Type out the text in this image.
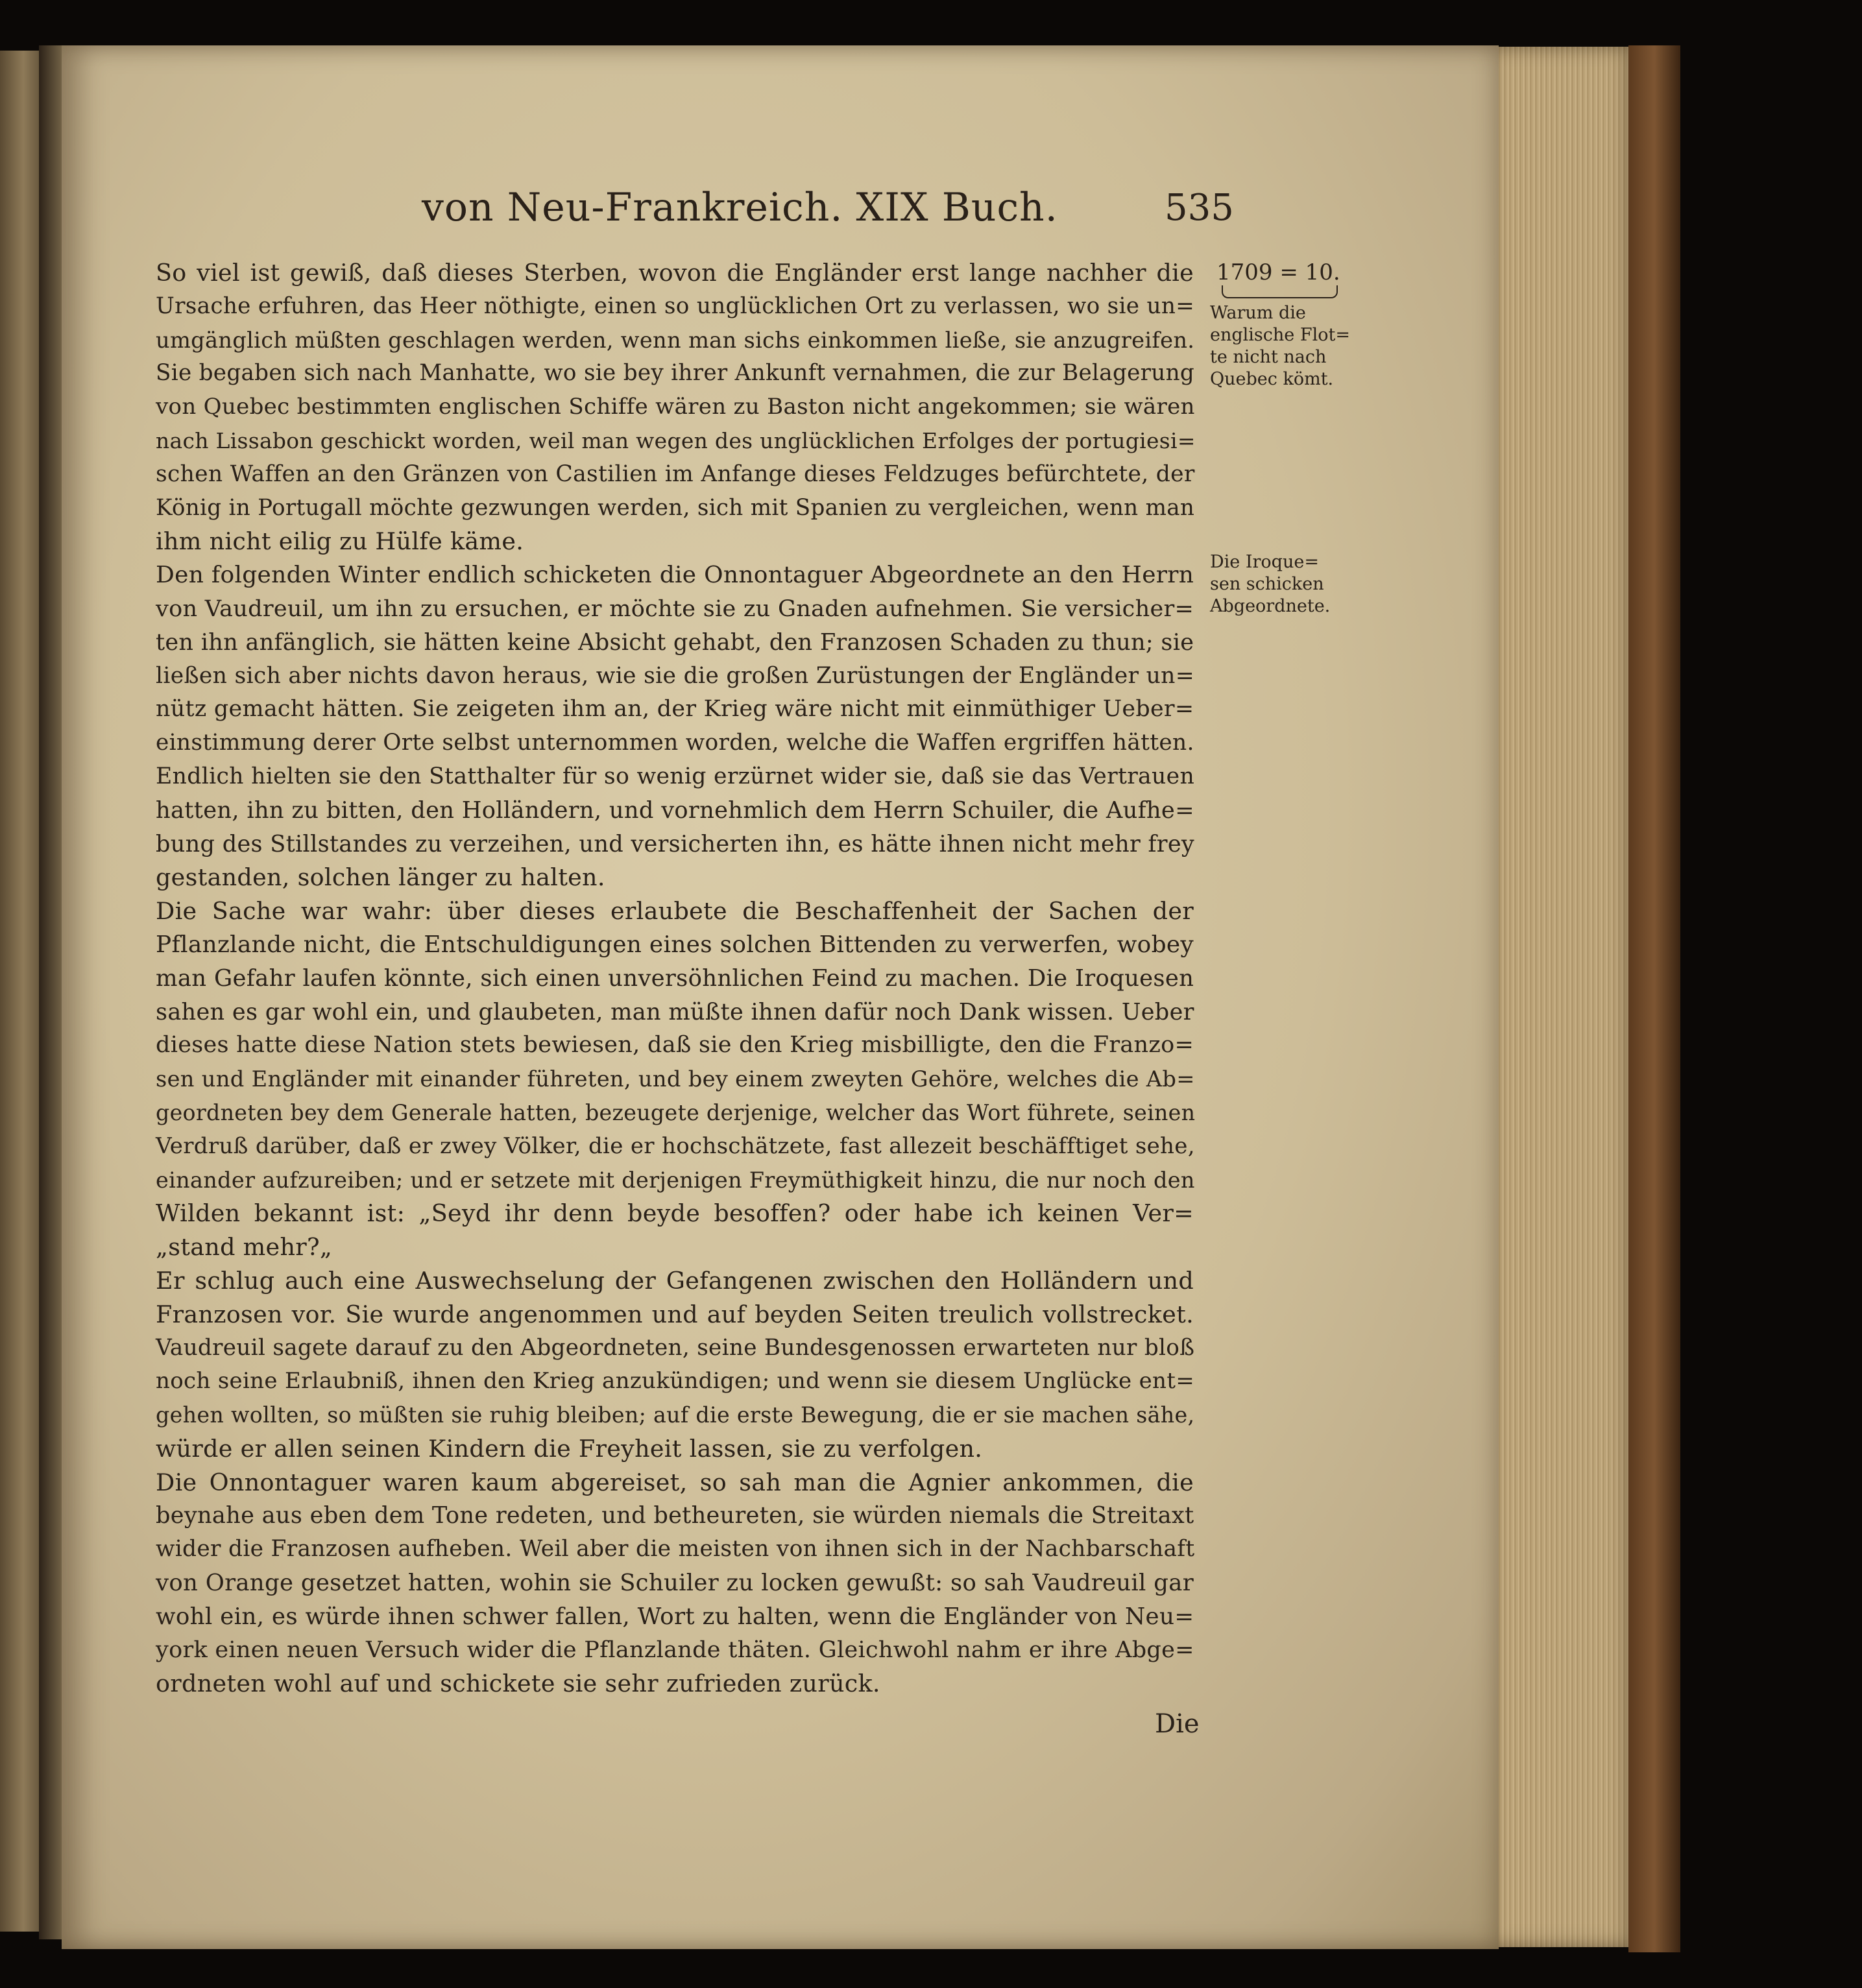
von Neu-Frankreich. XIX Buch.	535
So viel ist gewiß, daß dieses Sterben, wovon die Engländer erst lange nachher die
Ursache erfuhren, das Heer nöthigte, einen so unglücklichen Ort zu verlassen, wo sie un=
umgänglich müßten geschlagen werden, wenn man sichs einkommen ließe, sie anzugreifen.
Sie begaben sich nach Manhatte, wo sie bey ihrer Ankunft vernahmen, die zur Belagerung
von Quebec bestimmten englischen Schiffe wären zu Baston nicht angekommen; sie wären
nach Lissabon geschickt worden, weil man wegen des unglücklichen Erfolges der portugiesi=
schen Waffen an den Gränzen von Castilien im Anfange dieses Feldzuges befürchtete, der
König in Portugall möchte gezwungen werden, sich mit Spanien zu vergleichen, wenn man
ihm nicht eilig zu Hülfe käme.
Den folgenden Winter endlich schicketen die Onnontaguer Abgeordnete an den Herrn
von Vaudreuil, um ihn zu ersuchen, er möchte sie zu Gnaden aufnehmen. Sie versicher=
ten ihn anfänglich, sie hätten keine Absicht gehabt, den Franzosen Schaden zu thun; sie
ließen sich aber nichts davon heraus, wie sie die großen Zurüstungen der Engländer un=
nütz gemacht hätten. Sie zeigeten ihm an, der Krieg wäre nicht mit einmüthiger Ueber=
einstimmung derer Orte selbst unternommen worden, welche die Waffen ergriffen hätten.
Endlich hielten sie den Statthalter für so wenig erzürnet wider sie, daß sie das Vertrauen
hatten, ihn zu bitten, den Holländern, und vornehmlich dem Herrn Schuiler, die Aufhe=
bung des Stillstandes zu verzeihen, und versicherten ihn, es hätte ihnen nicht mehr frey
gestanden, solchen länger zu halten.
Die Sache war wahr: über dieses erlaubete die Beschaffenheit der Sachen der
Pflanzlande nicht, die Entschuldigungen eines solchen Bittenden zu verwerfen, wobey
man Gefahr laufen könnte, sich einen unversöhnlichen Feind zu machen. Die Iroquesen
sahen es gar wohl ein, und glaubeten, man müßte ihnen dafür noch Dank wissen. Ueber
dieses hatte diese Nation stets bewiesen, daß sie den Krieg misbilligte, den die Franzo=
sen und Engländer mit einander führeten, und bey einem zweyten Gehöre, welches die Ab=
geordneten bey dem Generale hatten, bezeugete derjenige, welcher das Wort führete, seinen
Verdruß darüber, daß er zwey Völker, die er hochschätzete, fast allezeit beschäfftiget sehe,
einander aufzureiben; und er setzete mit derjenigen Freymüthigkeit hinzu, die nur noch den
Wilden bekannt ist: „Seyd ihr denn beyde besoffen? oder habe ich keinen Ver=
„stand mehr?„
Er schlug auch eine Auswechselung der Gefangenen zwischen den Holländern und
Franzosen vor. Sie wurde angenommen und auf beyden Seiten treulich vollstrecket.
Vaudreuil sagete darauf zu den Abgeordneten, seine Bundesgenossen erwarteten nur bloß
noch seine Erlaubniß, ihnen den Krieg anzukündigen; und wenn sie diesem Unglücke ent=
gehen wollten, so müßten sie ruhig bleiben; auf die erste Bewegung, die er sie machen sähe,
würde er allen seinen Kindern die Freyheit lassen, sie zu verfolgen.
Die Onnontaguer waren kaum abgereiset, so sah man die Agnier ankommen, die
beynahe aus eben dem Tone redeten, und betheureten, sie würden niemals die Streitaxt
wider die Franzosen aufheben. Weil aber die meisten von ihnen sich in der Nachbarschaft
von Orange gesetzet hatten, wohin sie Schuiler zu locken gewußt: so sah Vaudreuil gar
wohl ein, es würde ihnen schwer fallen, Wort zu halten, wenn die Engländer von Neu=
york einen neuen Versuch wider die Pflanzlande thäten. Gleichwohl nahm er ihre Abge=
ordneten wohl auf und schickete sie sehr zufrieden zurück.
1709 = 10.
Warum die
englische Flot=
te nicht nach
Quebec kömt.
Die Iroque=
sen schicken
Abgeordnete.
Die
